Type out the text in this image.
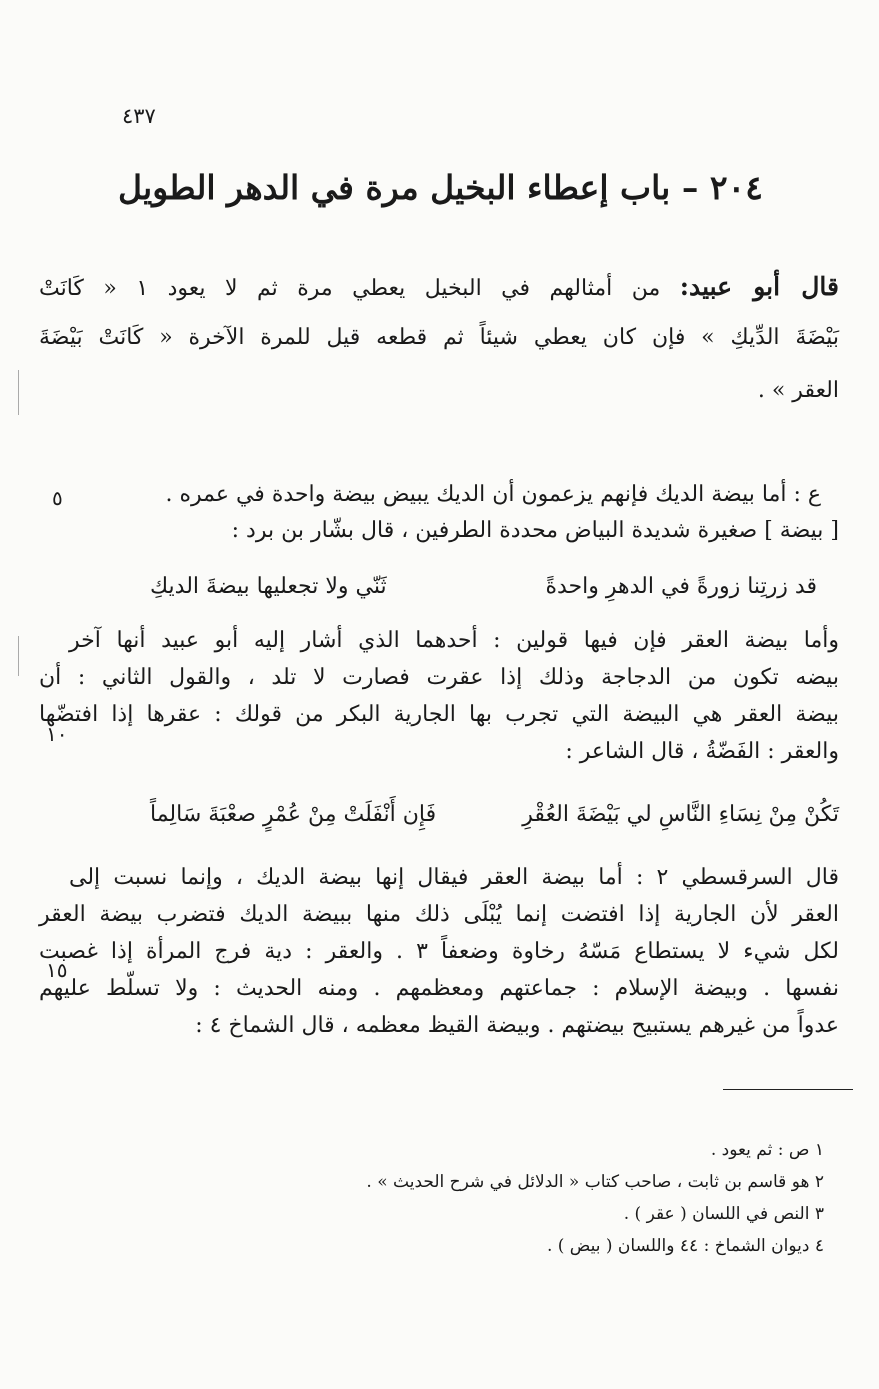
٤٣٧
٢٠٤ – باب إعطاء البخيل مرة في الدهر الطويل
قال أبو عبيد: من أمثالهم في البخيل يعطي مرة ثم لا يعود ١ « كَانَتْ
بَيْضَةَ الدِّيكِ » فإن كان يعطي شيئاً ثم قطعه قيل للمرة الآخرة « كَانَتْ بَيْضَةَ
العقر » .
ع : أما بيضة الديك فإنهم يزعمون أن الديك يبيض بيضة واحدة في عمره .
[ بيضة ] صغيرة شديدة البياض محددة الطرفين ، قال بشّار بن برد :
قد زرتِنا زورةً في الدهرِ واحدةً
ثَنّي ولا تجعليها بيضةَ الديكِ
وأما بيضة العقر فإن فيها قولين : أحدهما الذي أشار إليه أبو عبيد أنها آخر
بيضه تكون من الدجاجة وذلك إذا عقرت فصارت لا تلد ، والقول الثاني : أن
بيضة العقر هي البيضة التي تجرب بها الجارية البكر من قولك : عقرها إذا افتضّها
والعقر : الفَضّةُ ، قال الشاعر :
فَإِن أَنْفَلَتْ مِنْ عُمْرٍ صعْبَةَ سَالِماً	تَكُنْ مِنْ نِسَاءِ النَّاسِ لي بَيْضَةَ العُقْرِ
قال السرقسطي ٢ : أما بيضة العقر فيقال إنها بيضة الديك ، وإنما نسبت إلى
العقر لأن الجارية إذا افتضت إنما يُبْلَى ذلك منها ببيضة الديك فتضرب بيضة العقر
لكل شيء لا يستطاع مَسّهُ رخاوة وضعفاً ٣ . والعقر : دية فرج المرأة إذا غصبت
نفسها . وبيضة الإسلام : جماعتهم ومعظمهم . ومنه الحديث : ولا تسلّط عليهم
عدواً من غيرهم يستبيح بيضتهم . وبيضة القيظ معظمه ، قال الشماخ ٤ :
٥
١٠
١٥
١ ص : ثم يعود .
٢ هو قاسم بن ثابت ، صاحب كتاب « الدلائل في شرح الحديث » .
٣ النص في اللسان ( عقر ) .
٤ ديوان الشماخ : ٤٤ واللسان ( بيض ) .
